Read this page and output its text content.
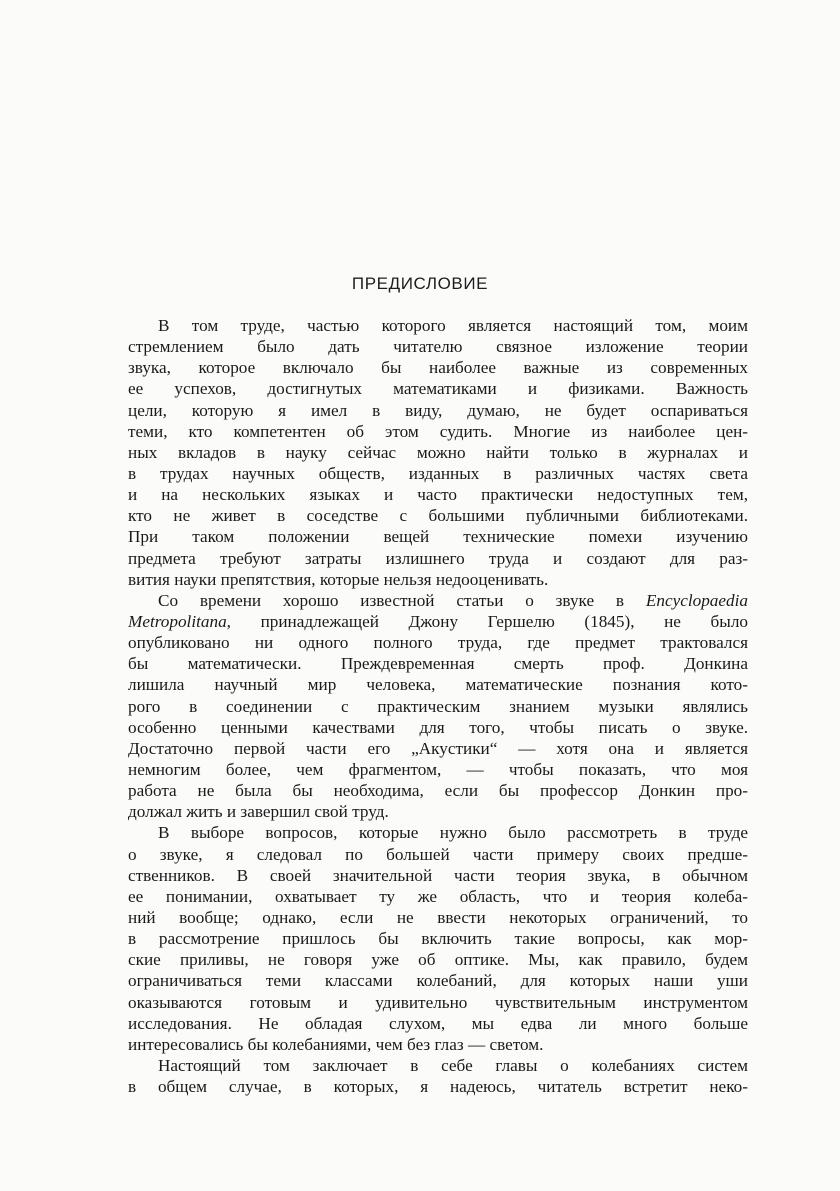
ПРЕДИСЛОВИЕ
В том труде, частью которого является настоящий том, моим
стремлением было дать читателю связное изложение теории
звука, которое включало бы наиболее важные из современных
ее успехов, достигнутых математиками и физиками. Важность
цели, которую я имел в виду, думаю, не будет оспариваться
теми, кто компетентен об этом судить. Многие из наиболее цен-
ных вкладов в науку сейчас можно найти только в журналах и
в трудах научных обществ, изданных в различных частях света
и на нескольких языках и часто практически недоступных тем,
кто не живет в соседстве с большими публичными библиотеками.
При таком положении вещей технические помехи изучению
предмета требуют затраты излишнего труда и создают для раз-
вития науки препятствия, которые нельзя недооценивать.
Со времени хорошо известной статьи о звуке в Encyclopaedia
Metropolitana, принадлежащей Джону Гершелю (1845), не было
опубликовано ни одного полного труда, где предмет трактовался
бы математически. Преждевременная смерть проф. Донкина
лишила научный мир человека, математические познания кото-
рого в соединении с практическим знанием музыки являлись
особенно ценными качествами для того, чтобы писать о звуке.
Достаточно первой части его „Акустики“ — хотя она и является
немногим более, чем фрагментом, — чтобы показать, что моя
работа не была бы необходима, если бы профессор Донкин про-
должал жить и завершил свой труд.
В выборе вопросов, которые нужно было рассмотреть в труде
о звуке, я следовал по большей части примеру своих предше-
ственников. В своей значительной части теория звука, в обычном
ее понимании, охватывает ту же область, что и теория колеба-
ний вообще; однако, если не ввести некоторых ограничений, то
в рассмотрение пришлось бы включить такие вопросы, как мор-
ские приливы, не говоря уже об оптике. Мы, как правило, будем
ограничиваться теми классами колебаний, для которых наши уши
оказываются готовым и удивительно чувствительным инструментом
исследования. Не обладая слухом, мы едва ли много больше
интересовались бы колебаниями, чем без глаз — светом.
Настоящий том заключает в себе главы о колебаниях систем
в общем случае, в которых, я надеюсь, читатель встретит неко-
